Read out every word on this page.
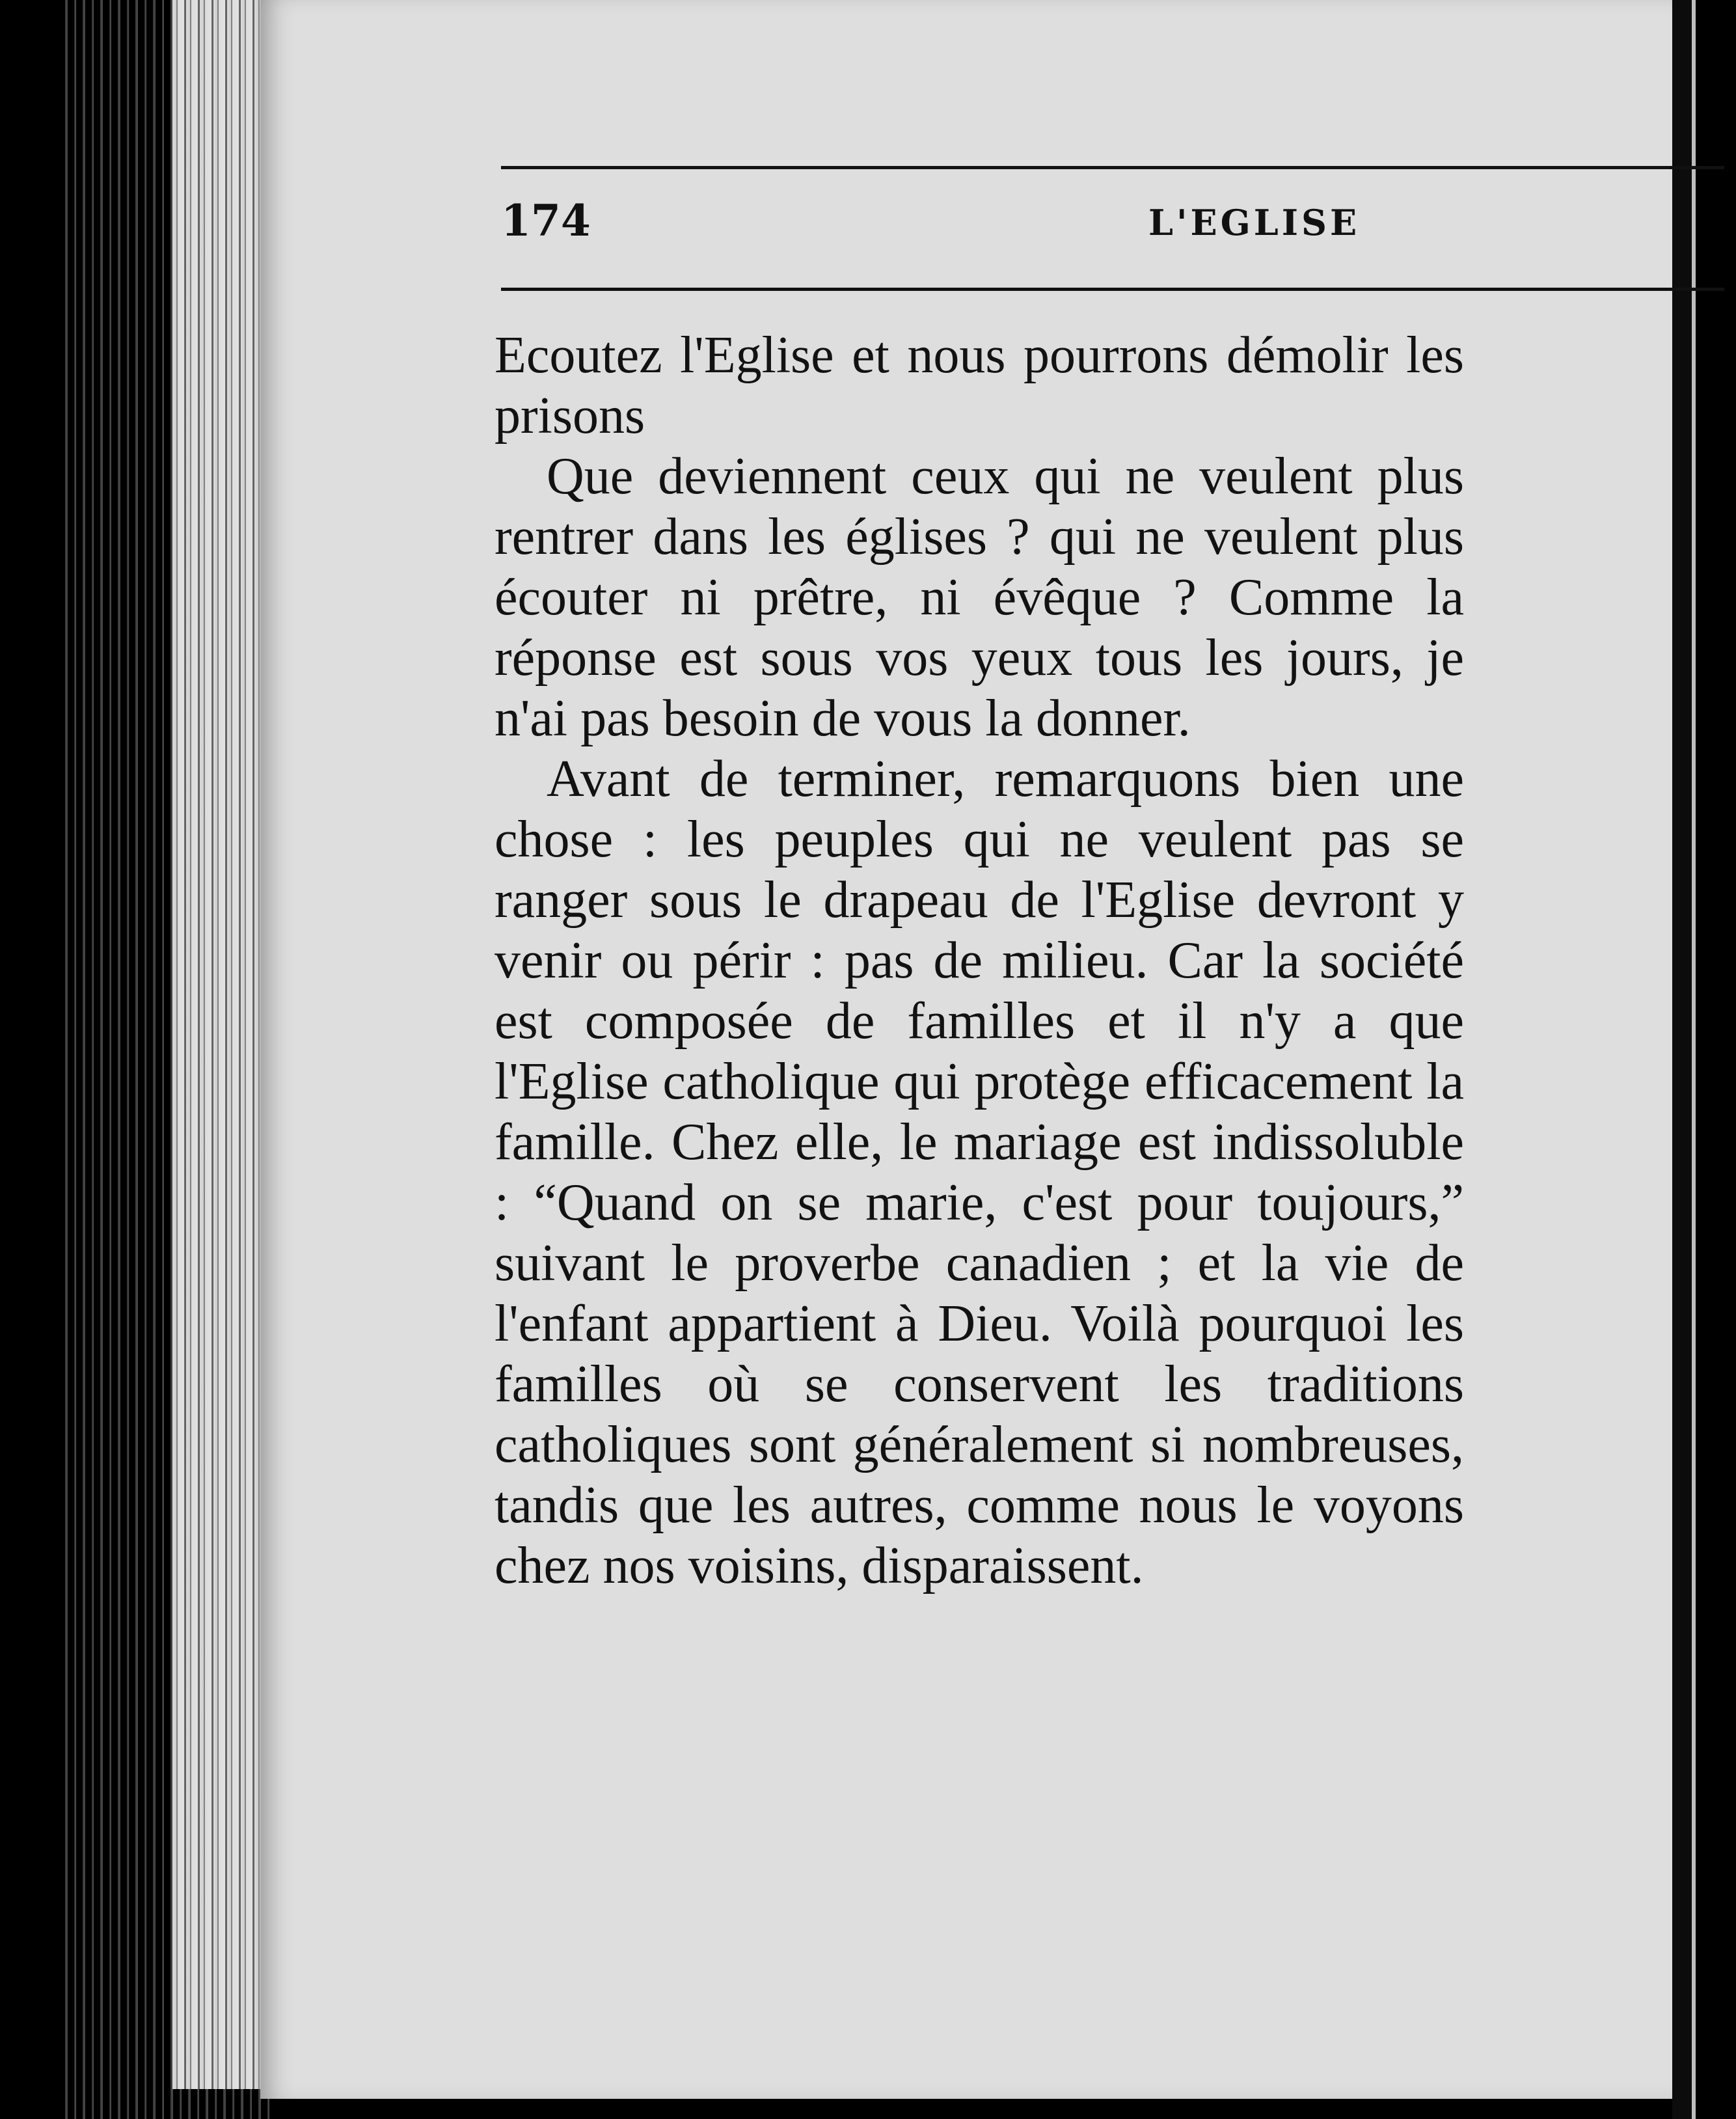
174	L'EGLISE

Ecoutez l'Eglise et nous pourrons démolir les prisons

Que deviennent ceux qui ne veulent plus rentrer dans les églises ? qui ne veulent plus écouter ni prêtre, ni évêque ? Comme la réponse est sous vos yeux tous les jours, je n'ai pas besoin de vous la donner.

Avant de terminer, remarquons bien une chose : les peuples qui ne veulent pas se ranger sous le drapeau de l'Eglise devront y venir ou périr : pas de milieu. Car la société est composée de familles et il n'y a que l'Eglise catholique qui protège efficacement la famille. Chez elle, le mariage est indissoluble : “Quand on se marie, c'est pour toujours,” suivant le proverbe canadien ; et la vie de l'enfant appartient à Dieu. Voilà pourquoi les familles où se conservent les traditions catholiques sont généralement si nombreuses, tandis que les autres, comme nous le voyons chez nos voisins, disparaissent.
